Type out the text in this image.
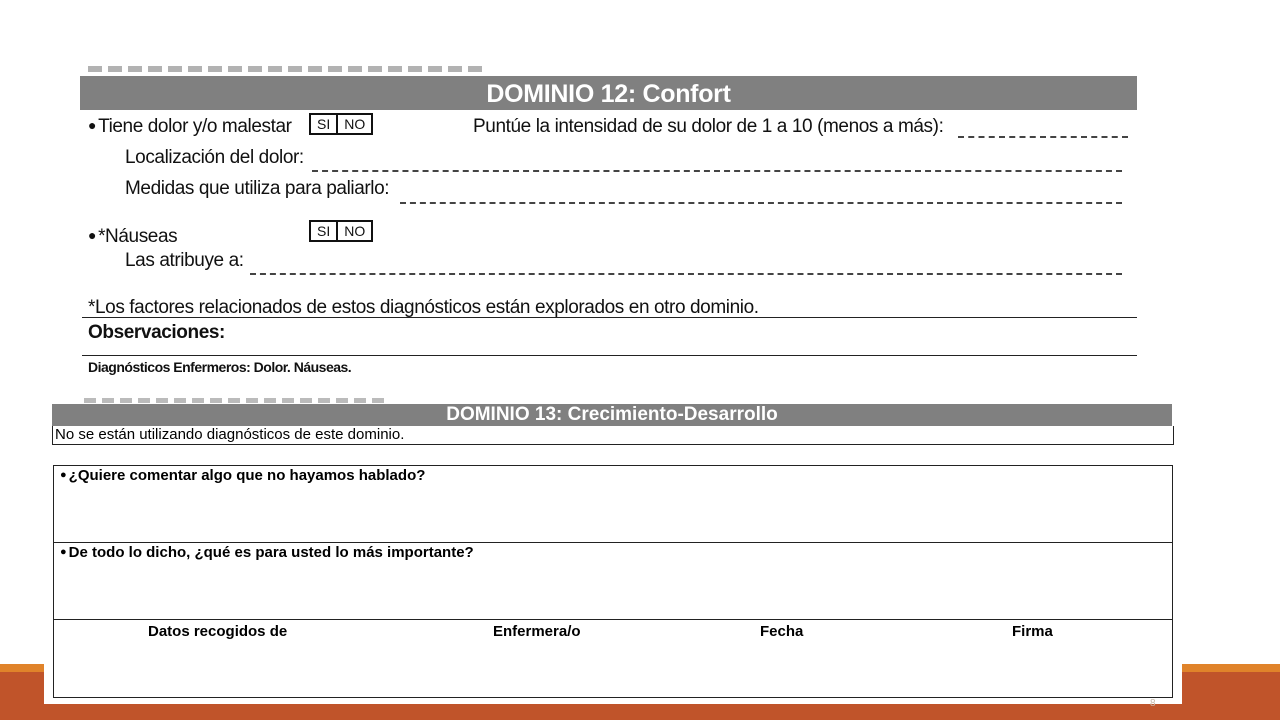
DOMINIO 12: Confort
● Tiene dolor y/o malestar	SI	NO	Puntúe la intensidad de su dolor de 1 a 10 (menos a más):
Localización del dolor:
Medidas que utiliza para paliarlo:
● *Náuseas	SI	NO
Las atribuye a:
*Los factores relacionados de estos diagnósticos están explorados en otro dominio.
Observaciones:
Diagnósticos Enfermeros: Dolor. Náuseas.
DOMINIO 13: Crecimiento-Desarrollo
No se están utilizando diagnósticos de este dominio.
● ¿Quiere comentar algo que no hayamos hablado?
● De todo lo dicho, ¿qué es para usted lo más importante?
Datos recogidos de	Enfermera/o	Fecha	Firma
8
